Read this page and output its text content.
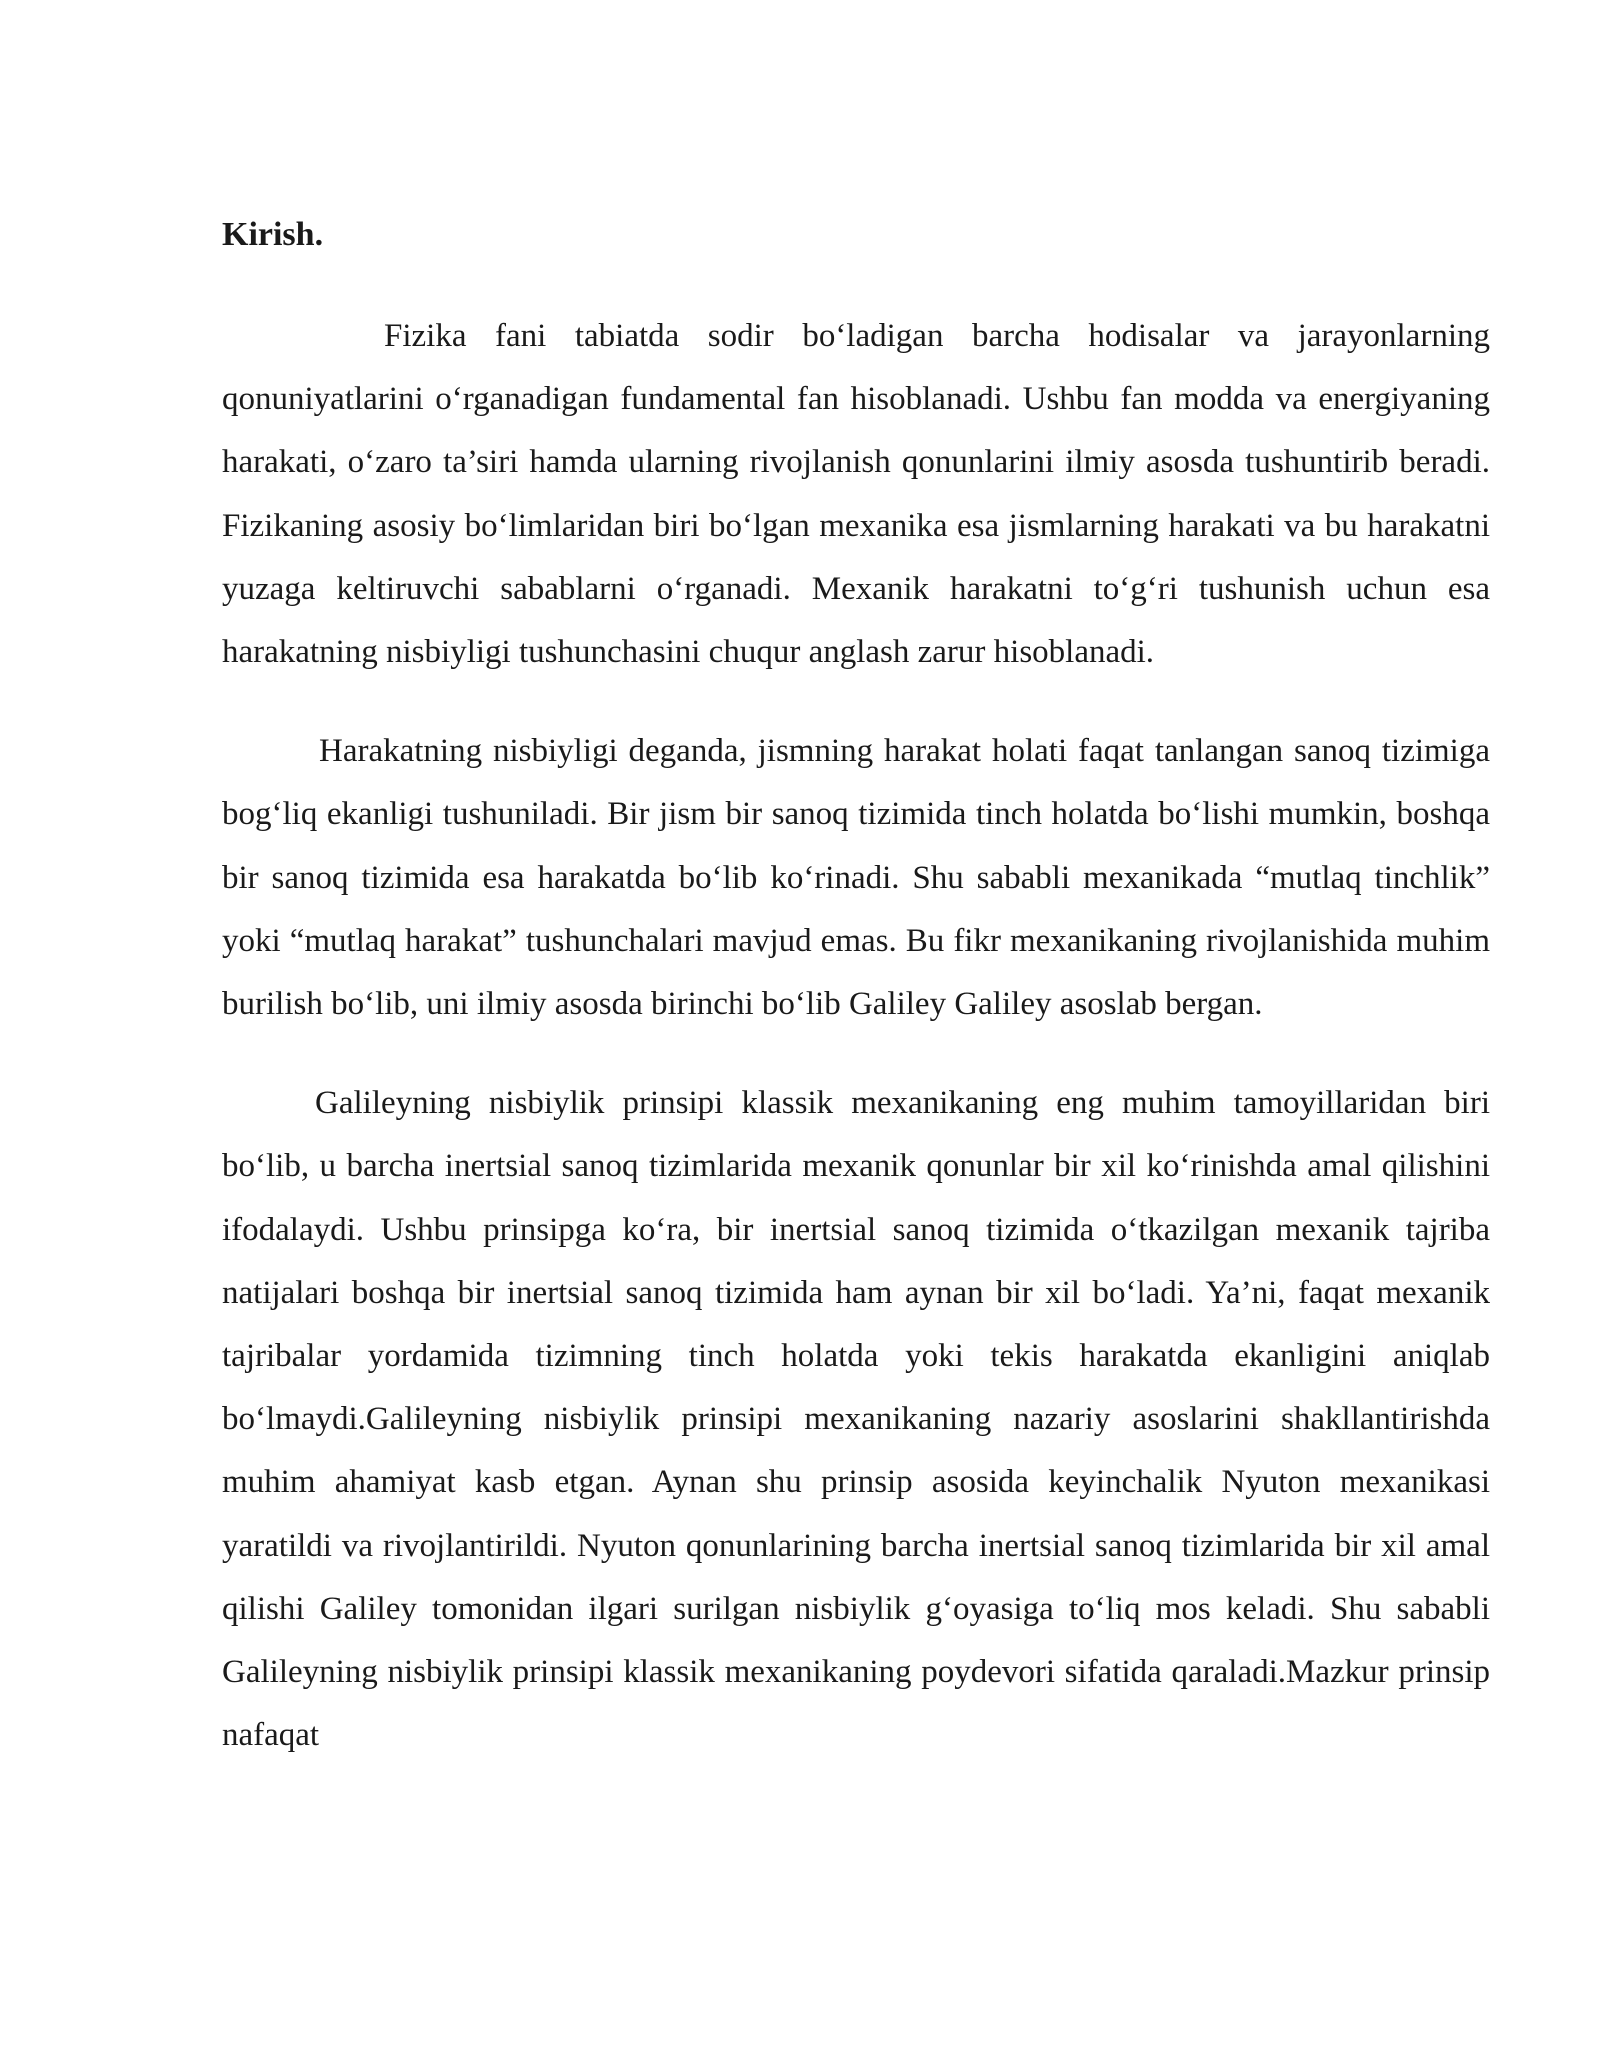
Kirish.

Fizika fani tabiatda sodir bo‘ladigan barcha hodisalar va jarayonlarning qonuniyatlarini o‘rganadigan fundamental fan hisoblanadi. Ushbu fan modda va energiyaning harakati, o‘zaro ta’siri hamda ularning rivojlanish qonunlarini ilmiy asosda tushuntirib beradi. Fizikaning asosiy bo‘limlaridan biri bo‘lgan mexanika esa jismlarning harakati va bu harakatni yuzaga keltiruvchi sabablarni o‘rganadi. Mexanik harakatni to‘g‘ri tushunish uchun esa harakatning nisbiyligi tushunchasini chuqur anglash zarur hisoblanadi.

Harakatning nisbiyligi deganda, jismning harakat holati faqat tanlangan sanoq tizimiga bog‘liq ekanligi tushuniladi. Bir jism bir sanoq tizimida tinch holatda bo‘lishi mumkin, boshqa bir sanoq tizimida esa harakatda bo‘lib ko‘rinadi. Shu sababli mexanikada “mutlaq tinchlik” yoki “mutlaq harakat” tushunchalari mavjud emas. Bu fikr mexanikaning rivojlanishida muhim burilish bo‘lib, uni ilmiy asosda birinchi bo‘lib Galiley Galiley asoslab bergan.

Galileyning nisbiylik prinsipi klassik mexanikaning eng muhim tamoyillaridan biri bo‘lib, u barcha inertsial sanoq tizimlarida mexanik qonunlar bir xil ko‘rinishda amal qilishini ifodalaydi. Ushbu prinsipga ko‘ra, bir inertsial sanoq tizimida o‘tkazilgan mexanik tajriba natijalari boshqa bir inertsial sanoq tizimida ham aynan bir xil bo‘ladi. Ya’ni, faqat mexanik tajribalar yordamida tizimning tinch holatda yoki tekis harakatda ekanligini aniqlab bo‘lmaydi.Galileyning nisbiylik prinsipi mexanikaning nazariy asoslarini shakllantirishda muhim ahamiyat kasb etgan. Aynan shu prinsip asosida keyinchalik Nyuton mexanikasi yaratildi va rivojlantirildi. Nyuton qonunlarining barcha inertsial sanoq tizimlarida bir xil amal qilishi Galiley tomonidan ilgari surilgan nisbiylik g‘oyasiga to‘liq mos keladi. Shu sababli Galileyning nisbiylik prinsipi klassik mexanikaning poydevori sifatida qaraladi.Mazkur prinsip nafaqat
